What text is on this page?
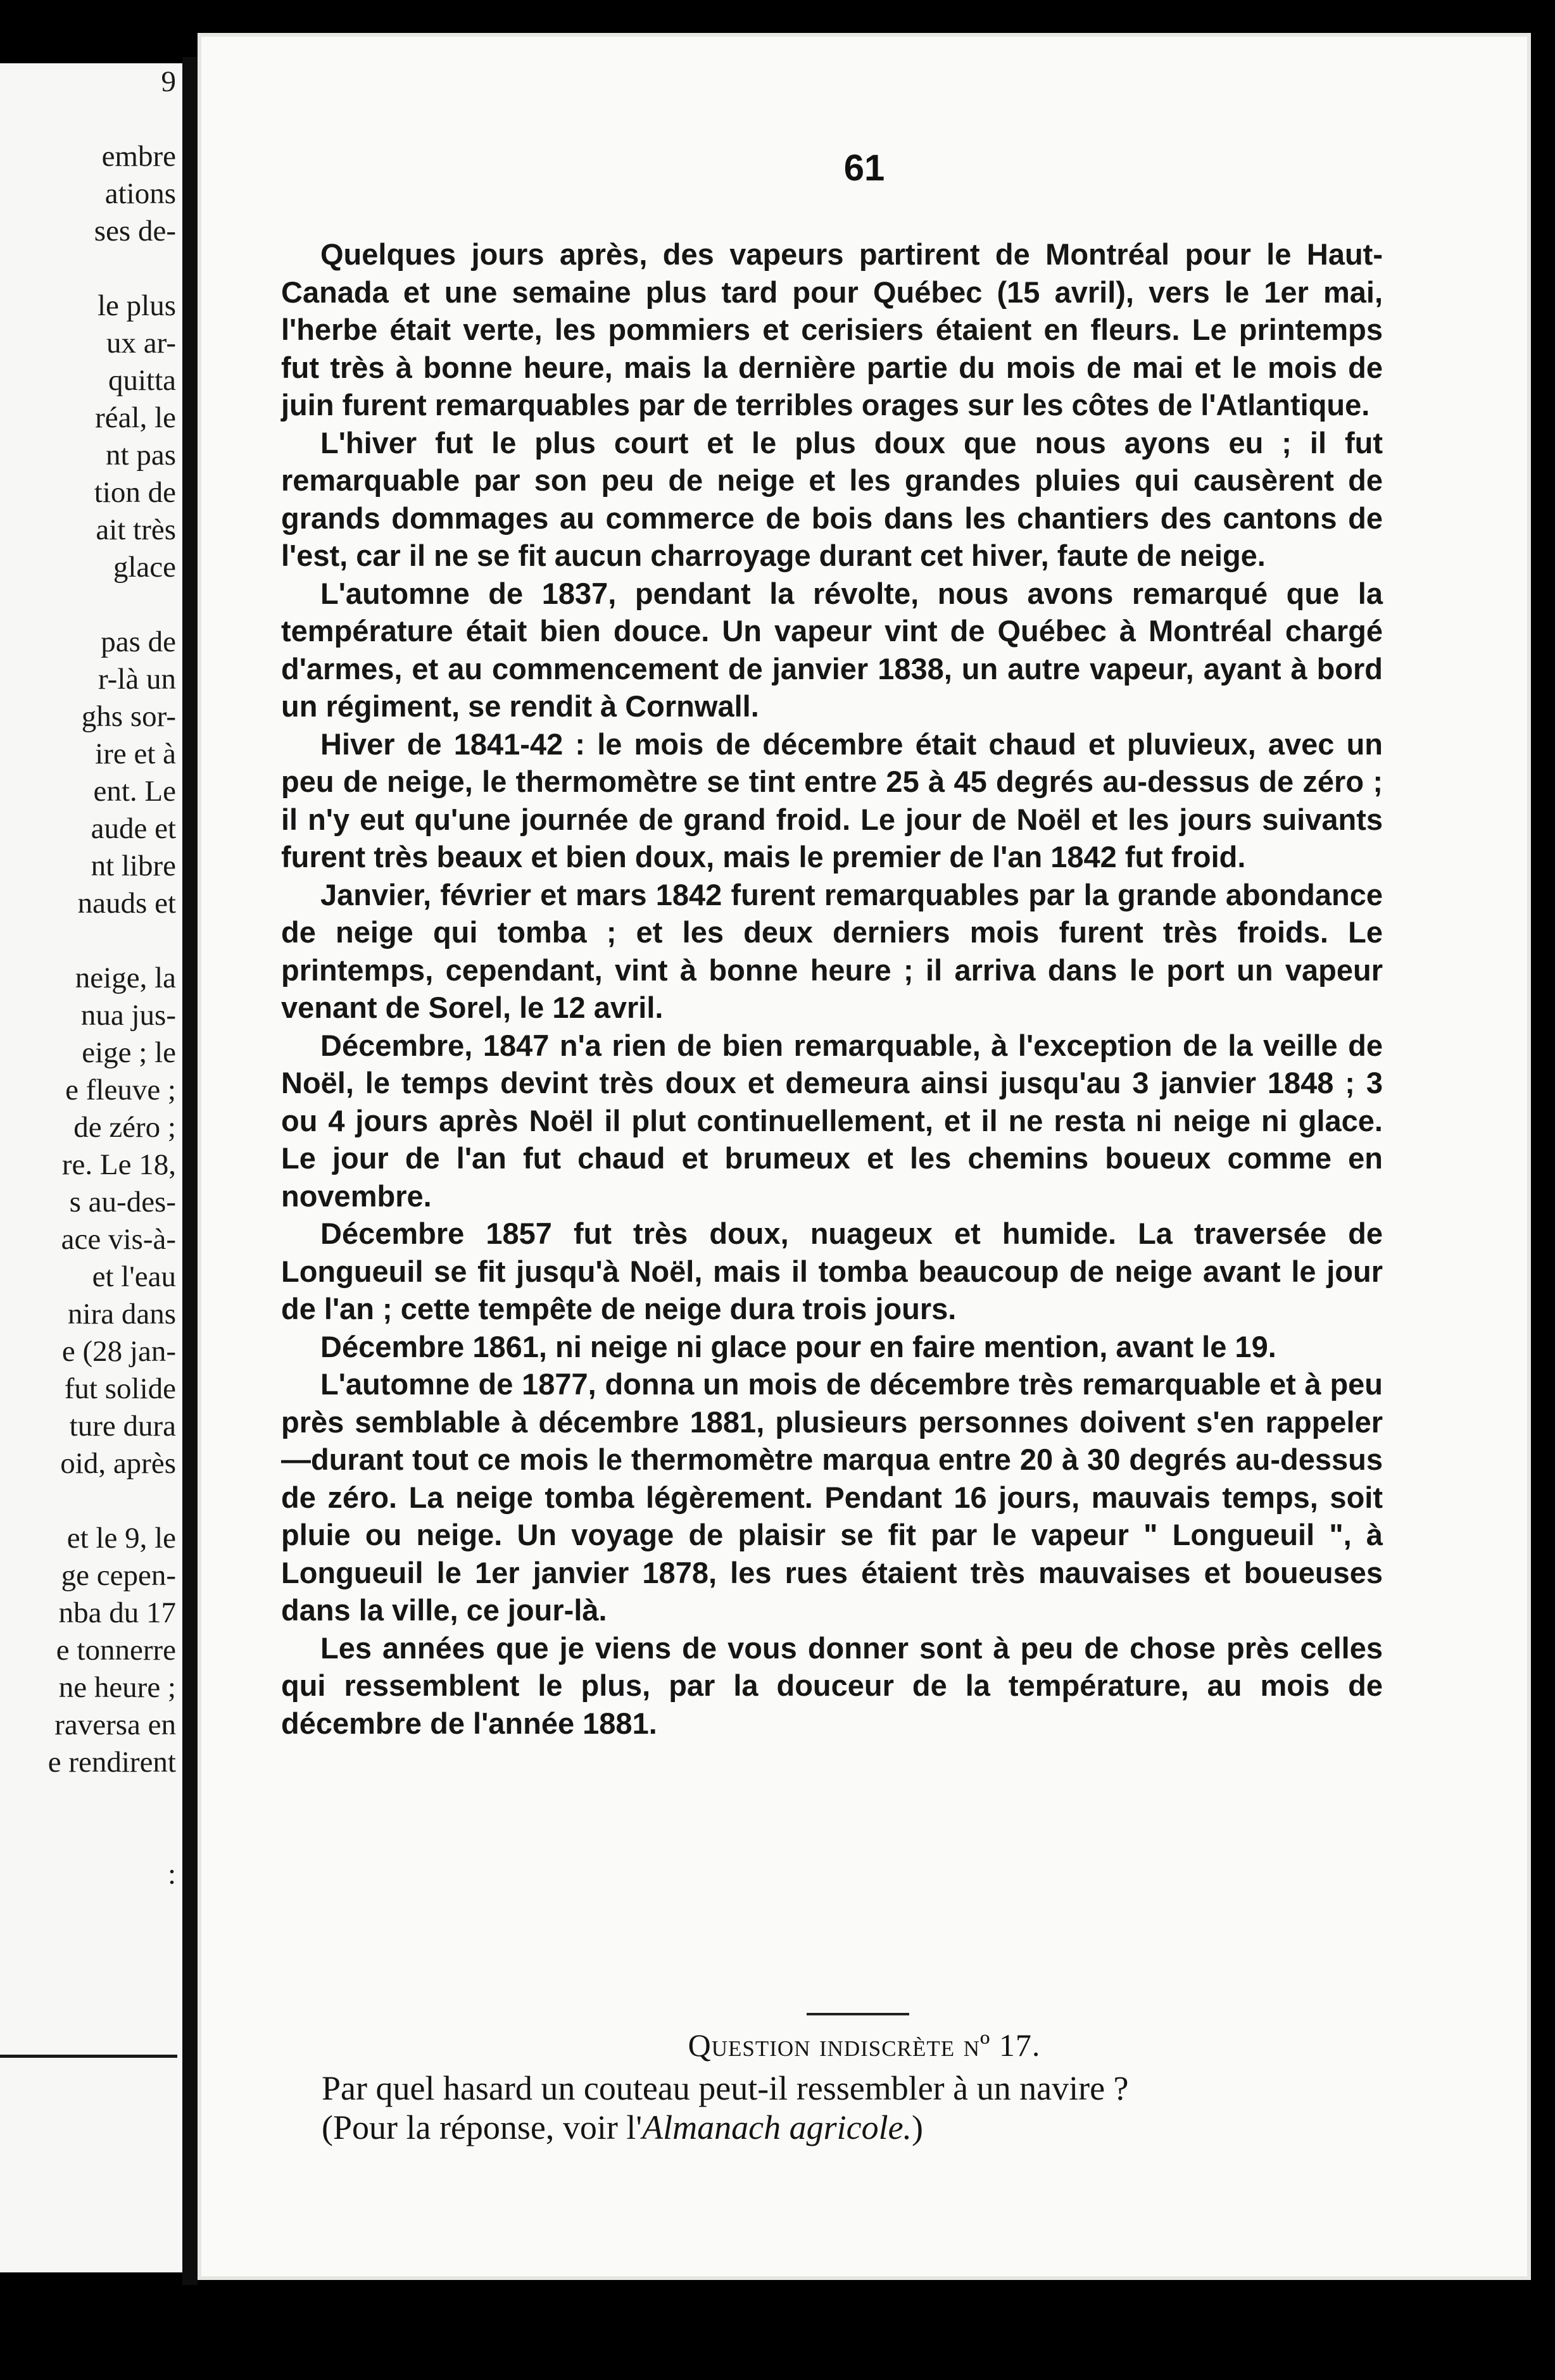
9
embre
ations
ses de-
le plus
ux ar-
quitta
réal, le
nt pas
tion de
ait très
glace
pas de
r-là un
ghs sor-
ire et à
ent. Le
aude et
nt libre
nauds et
neige, la
nua jus-
eige ; le
e fleuve ;
de zéro ;
re. Le 18,
s au-des-
ace vis-à-
et l'eau
nira dans
e (28 jan-
fut solide
ture dura
oid, après
et le 9, le
ge cepen-
nba du 17
e tonnerre
ne heure ;
raversa en
e rendirent
:
61

Quelques jours après, des vapeurs partirent de Montréal pour le Haut-Canada et une semaine plus tard pour Québec (15 avril), vers le 1er mai, l'herbe était verte, les pommiers et cerisiers étaient en fleurs. Le printemps fut très à bonne heure, mais la dernière partie du mois de mai et le mois de juin furent remarquables par de terribles orages sur les côtes de l'Atlantique.

L'hiver fut le plus court et le plus doux que nous ayons eu ; il fut remarquable par son peu de neige et les grandes pluies qui causèrent de grands dommages au commerce de bois dans les chantiers des cantons de l'est, car il ne se fit aucun charroyage durant cet hiver, faute de neige.

L'automne de 1837, pendant la révolte, nous avons remarqué que la température était bien douce. Un vapeur vint de Québec à Montréal chargé d'armes, et au commencement de janvier 1838, un autre vapeur, ayant à bord un régiment, se rendit à Cornwall.

Hiver de 1841-42 : le mois de décembre était chaud et pluvieux, avec un peu de neige, le thermomètre se tint entre 25 à 45 degrés au-dessus de zéro ; il n'y eut qu'une journée de grand froid. Le jour de Noël et les jours suivants furent très beaux et bien doux, mais le premier de l'an 1842 fut froid.

Janvier, février et mars 1842 furent remarquables par la grande abondance de neige qui tomba ; et les deux derniers mois furent très froids. Le printemps, cependant, vint à bonne heure ; il arriva dans le port un vapeur venant de Sorel, le 12 avril.

Décembre, 1847 n'a rien de bien remarquable, à l'exception de la veille de Noël, le temps devint très doux et demeura ainsi jusqu'au 3 janvier 1848 ; 3 ou 4 jours après Noël il plut continuellement, et il ne resta ni neige ni glace. Le jour de l'an fut chaud et brumeux et les chemins boueux comme en novembre.

Décembre 1857 fut très doux, nuageux et humide. La traversée de Longueuil se fit jusqu'à Noël, mais il tomba beaucoup de neige avant le jour de l'an ; cette tempête de neige dura trois jours.

Décembre 1861, ni neige ni glace pour en faire mention, avant le 19.

L'automne de 1877, donna un mois de décembre très remarquable et à peu près semblable à décembre 1881, plusieurs personnes doivent s'en rappeler—durant tout ce mois le thermomètre marqua entre 20 à 30 degrés au-dessus de zéro. La neige tomba légèrement. Pendant 16 jours, mauvais temps, soit pluie ou neige. Un voyage de plaisir se fit par le vapeur " Longueuil ", à Longueuil le 1er janvier 1878, les rues étaient très mauvaises et boueuses dans la ville, ce jour-là.

Les années que je viens de vous donner sont à peu de chose près celles qui ressemblent le plus, par la douceur de la température, au mois de décembre de l'année 1881.

Question indiscrète nº 17.
Par quel hasard un couteau peut-il ressembler à un navire ?
(Pour la réponse, voir l'Almanach agricole.)
